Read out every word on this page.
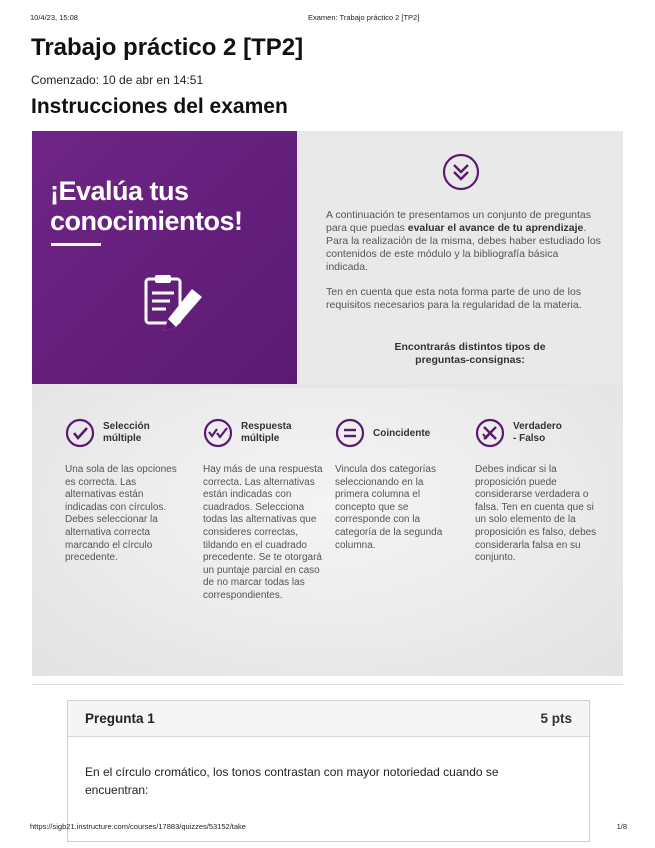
10/4/23, 15:08	Examen: Trabajo práctico 2 [TP2]
Trabajo práctico 2 [TP2]
Comenzado: 10 de abr en 14:51
Instrucciones del examen
¡Evalúa tus
conocimientos!	A continuación te presentamos un conjunto de preguntas para que puedas evaluar el avance de tu aprendizaje. Para la realización de la misma, debes haber estudiado los contenidos de este módulo y la bibliografía básica indicada.

Ten en cuenta que esta nota forma parte de uno de los requisitos necesarios para la regularidad de la materia.

Encontrarás distintos tipos de preguntas-consignas:
Selección
múltiple
Una sola de las opciones es correcta. Las alternativas están indicadas con círculos. Debes seleccionar la alternativa correcta marcando el círculo precedente.
Respuesta
múltiple
Hay más de una respuesta correcta. Las alternativas están indicadas con cuadrados. Selecciona todas las alternativas que consideres correctas, tildando en el cuadrado precedente. Se te otorgará un puntaje parcial en caso de no marcar todas las correspondientes.
Coincidente
Vincula dos categorías seleccionando en la primera columna el concepto que se corresponde con la categoría de la segunda columna.
Verdadero
- Falso
Debes indicar si la proposición puede considerarse verdadera o falsa. Ten en cuenta que si un solo elemento de la proposición es falso, debes considerarla falsa en su conjunto.
Pregunta 1	5 pts
En el círculo cromático, los tonos contrastan con mayor notoriedad cuando se encuentran:
https://sigb21.instructure.com/courses/17883/quizzes/53152/take	1/8
